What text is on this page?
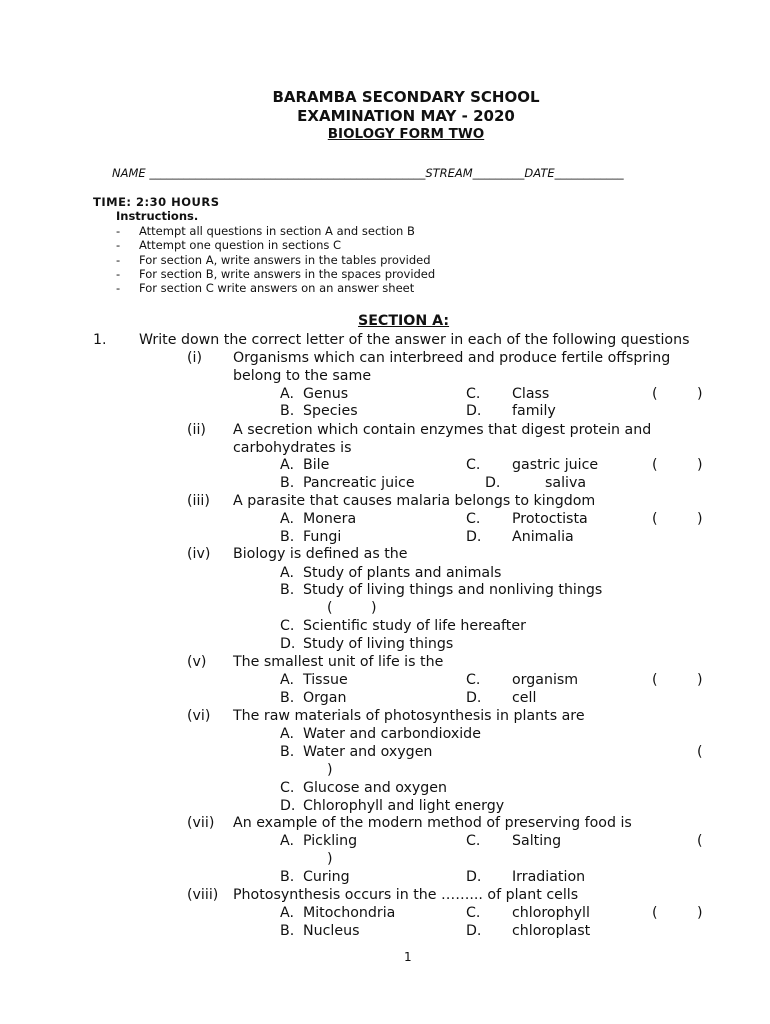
BARAMBA SECONDARY SCHOOL
EXAMINATION MAY - 2020
BIOLOGY FORM TWO
NAME ________________________________________________STREAM_________DATE____________
TIME: 2:30 HOURS
Instructions.
- Attempt all questions in section A and section B
- Attempt one question in sections C
- For section A, write answers in the tables provided
- For section B, write answers in the spaces provided
- For section C write answers on an answer sheet
SECTION A:
1. Write down the correct letter of the answer in each of the following questions
(i) Organisms which can interbreed and produce fertile offspring
belong to the same
A. Genus	C. Class	(	)
B. Species	D. family
(ii) A secretion which contain enzymes that digest protein and
carbohydrates is
A. Bile	C. gastric juice	(	)
B. Pancreatic juice	D.	saliva
(iii) A parasite that causes malaria belongs to kingdom
A. Monera	C. Protoctista	(	)
B. Fungi	D. Animalia
(iv) Biology is defined as the
A. Study of plants and animals
B. Study of living things and nonliving things
(	)
C. Scientific study of life hereafter
D. Study of living things
(v) The smallest unit of life is the
A. Tissue	C. organism	(	)
B. Organ	D. cell
(vi) The raw materials of photosynthesis in plants are
A. Water and carbondioxide
B. Water and oxygen	(
)
C. Glucose and oxygen
D. Chlorophyll and light energy
(vii) An example of the modern method of preserving food is
A. Pickling	C. Salting	(
)
B. Curing	D. Irradiation
(viii) Photosynthesis occurs in the ……... of plant cells
A. Mitochondria	C. chlorophyll	(	)
B. Nucleus	D. chloroplast
1
